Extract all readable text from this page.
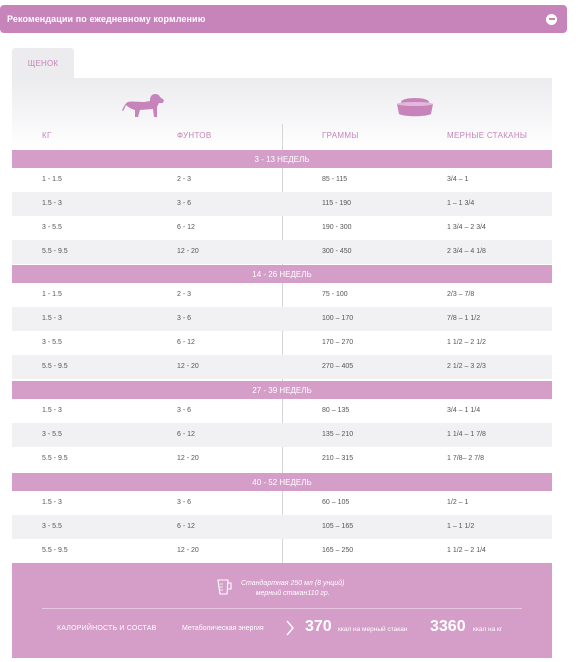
Рекомендации по ежедневному кормлению
ЩЕНОК
КГ	ФУНТОВ	ГРАММЫ	МЕРНЫЕ СТАКАНЫ
3 - 13 НЕДЕЛЬ
1 - 1.5	2 - 3	85 - 115	3/4 – 1
1.5 - 3	3 - 6	115 - 190	1 – 1 3/4
3 - 5.5	6 - 12	190 - 300	1 3/4 – 2 3/4
5.5 - 9.5	12 - 20	300 - 450	2 3/4 – 4 1/8
14 - 26 НЕДЕЛЬ
1 - 1.5	2 - 3	75 - 100	2/3 – 7/8
1.5 - 3	3 - 6	100 – 170	7/8 – 1 1/2
3 - 5.5	6 - 12	170 – 270	1 1/2 – 2 1/2
5.5 - 9.5	12 - 20	270 – 405	2 1/2 – 3 2/3
27 - 39 НЕДЕЛЬ
1.5 - 3	3 - 6	80 – 135	3/4 – 1 1/4
3 - 5.5	6 - 12	135 – 210	1 1/4 – 1 7/8
5.5 - 9.5	12 - 20	210 – 315	1 7/8– 2 7/8
40 - 52 НЕДЕЛЬ
1.5 - 3	3 - 6	60 – 105	1/2 – 1
3 - 5.5	6 - 12	105 – 165	1 – 1 1/2
5.5 - 9.5	12 - 20	165 – 250	1 1/2 – 2 1/4
Стандартная 250 мл (8 унций)
мерный стакан110 гр.
КАЛОРИЙНОСТЬ И СОСТАВ	Метаболическая энергия	370 ккал на мерный стакан 3360 ккал на кг
